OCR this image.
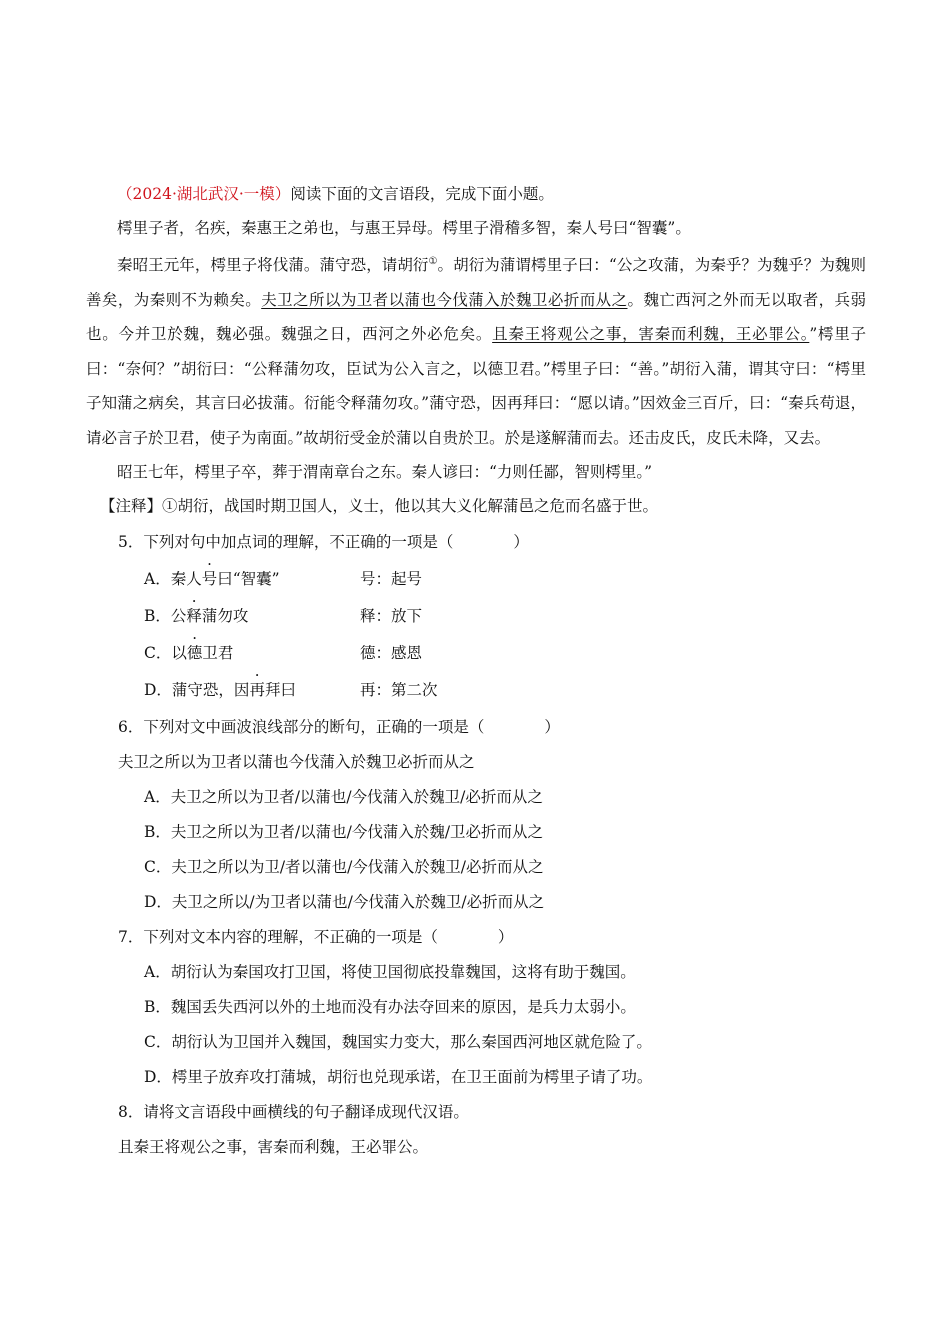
（2024·湖北武汉·一模）阅读下面的文言语段，完成下面小题。

樗里子者，名疾，秦惠王之弟也，与惠王异母。樗里子滑稽多智，秦人号曰“智囊”。

秦昭王元年，樗里子将伐蒲。蒲守恐，请胡衍①。胡衍为蒲谓樗里子曰：“公之攻蒲，为秦乎？为魏乎？为魏则善矣，为秦则不为赖矣。夫卫之所以为卫者以蒲也今伐蒲入於魏卫必折而从之。魏亡西河之外而无以取者，兵弱也。今并卫於魏，魏必强。魏强之日，西河之外必危矣。且秦王将观公之事，害秦而利魏，王必罪公。”樗里子曰：“奈何？”胡衍曰：“公释蒲勿攻，臣试为公入言之，以德卫君。”樗里子曰：“善。”胡衍入蒲，谓其守曰：“樗里子知蒲之病矣，其言曰必拔蒲。衍能令释蒲勿攻。”蒲守恐，因再拜曰：“愿以请。”因效金三百斤，曰：“秦兵苟退，请必言子於卫君，使子为南面。”故胡衍受金於蒲以自贵於卫。於是遂解蒲而去。还击皮氏，皮氏未降，又去。

昭王七年，樗里子卒，葬于渭南章台之东。秦人谚曰：“力则任鄙，智则樗里。”

【注释】①胡衍，战国时期卫国人，义士，他以其大义化解蒲邑之危而名盛于世。

5．下列对句中加点词的理解，不正确的一项是（	）

A．秦人号曰“智囊”	号：起号

B．公释蒲勿攻	释：放下

C．以德卫君	德：感恩

D．蒲守恐，因再拜曰	再：第二次

6．下列对文中画波浪线部分的断句，正确的一项是（	）

夫卫之所以为卫者以蒲也今伐蒲入於魏卫必折而从之

A．夫卫之所以为卫者/以蒲也/今伐蒲入於魏卫/必折而从之

B．夫卫之所以为卫者/以蒲也/今伐蒲入於魏/卫必折而从之

C．夫卫之所以为卫/者以蒲也/今伐蒲入於魏卫/必折而从之

D．夫卫之所以/为卫者以蒲也/今伐蒲入於魏卫/必折而从之

7．下列对文本内容的理解，不正确的一项是（	）

A．胡衍认为秦国攻打卫国，将使卫国彻底投靠魏国，这将有助于魏国。

B．魏国丢失西河以外的土地而没有办法夺回来的原因，是兵力太弱小。

C．胡衍认为卫国并入魏国，魏国实力变大，那么秦国西河地区就危险了。

D．樗里子放弃攻打蒲城，胡衍也兑现承诺，在卫王面前为樗里子请了功。

8．请将文言语段中画横线的句子翻译成现代汉语。

且秦王将观公之事，害秦而利魏，王必罪公。
